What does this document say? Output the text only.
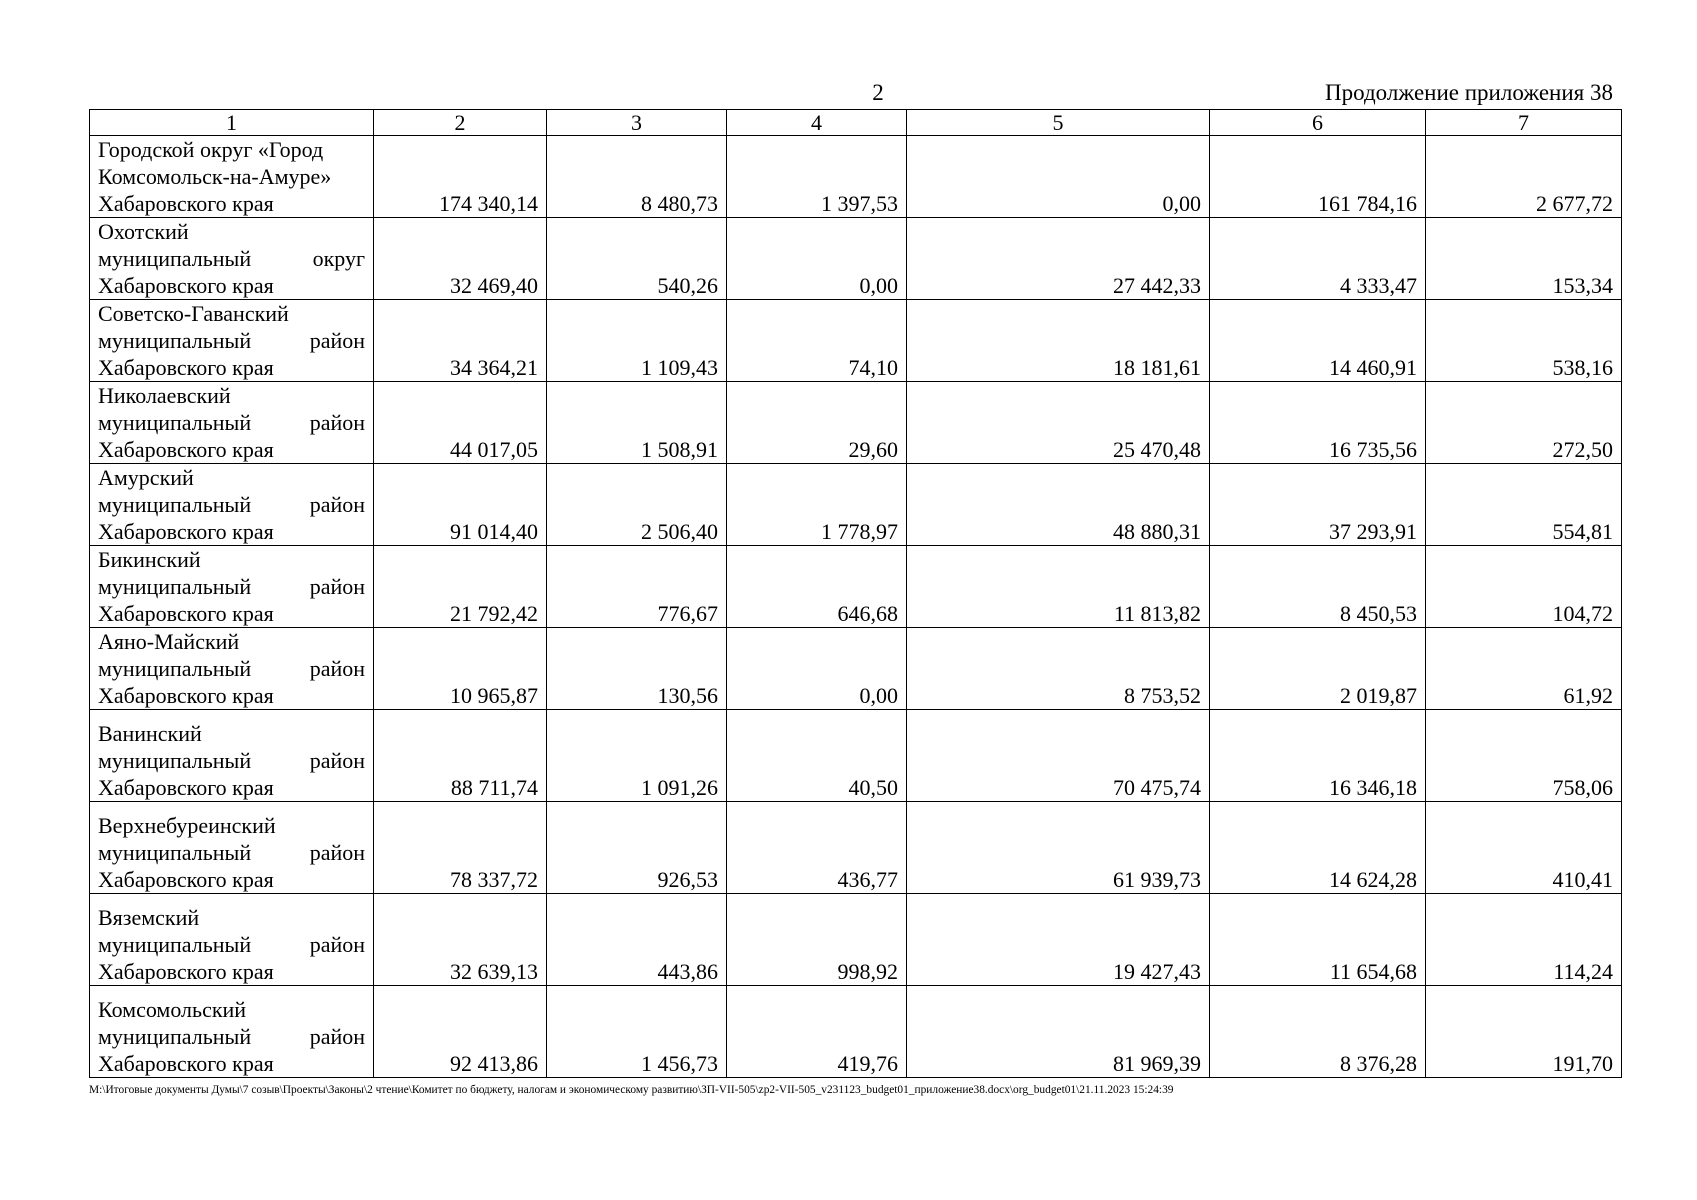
2	Продолжение приложения 38
1	2	3	4	5	6	7

Городской округ «Город
Комсомольск-на-Амуре»
Хабаровского края	174 340,14	8 480,73	1 397,53	0,00	161 784,16	2 677,72

Охотский
муниципальный округ
Хабаровского края	32 469,40	540,26	0,00	27 442,33	4 333,47	153,34

Советско-Гаванский
муниципальный район
Хабаровского края	34 364,21	1 109,43	74,10	18 181,61	14 460,91	538,16

Николаевский
муниципальный район
Хабаровского края	44 017,05	1 508,91	29,60	25 470,48	16 735,56	272,50

Амурский
муниципальный район
Хабаровского края	91 014,40	2 506,40	1 778,97	48 880,31	37 293,91	554,81

Бикинский
муниципальный район
Хабаровского края	21 792,42	776,67	646,68	11 813,82	8 450,53	104,72

Аяно-Майский
муниципальный район
Хабаровского края	10 965,87	130,56	0,00	8 753,52	2 019,87	61,92

Ванинский
муниципальный район
Хабаровского края	88 711,74	1 091,26	40,50	70 475,74	16 346,18	758,06

Верхнебуреинский
муниципальный район
Хабаровского края	78 337,72	926,53	436,77	61 939,73	14 624,28	410,41

Вяземский
муниципальный район
Хабаровского края	32 639,13	443,86	998,92	19 427,43	11 654,68	114,24

Комсомольский
муниципальный район
Хабаровского края	92 413,86	1 456,73	419,76	81 969,39	8 376,28	191,70
M:\Итоговые документы Думы\7 созыв\Проекты\Законы\2 чтение\Комитет по бюджету, налогам и экономическому развитию\ЗП-VII-505\zp2-VII-505_v231123_budget01_приложение38.docx\org_budget01\21.11.2023 15:24:39
